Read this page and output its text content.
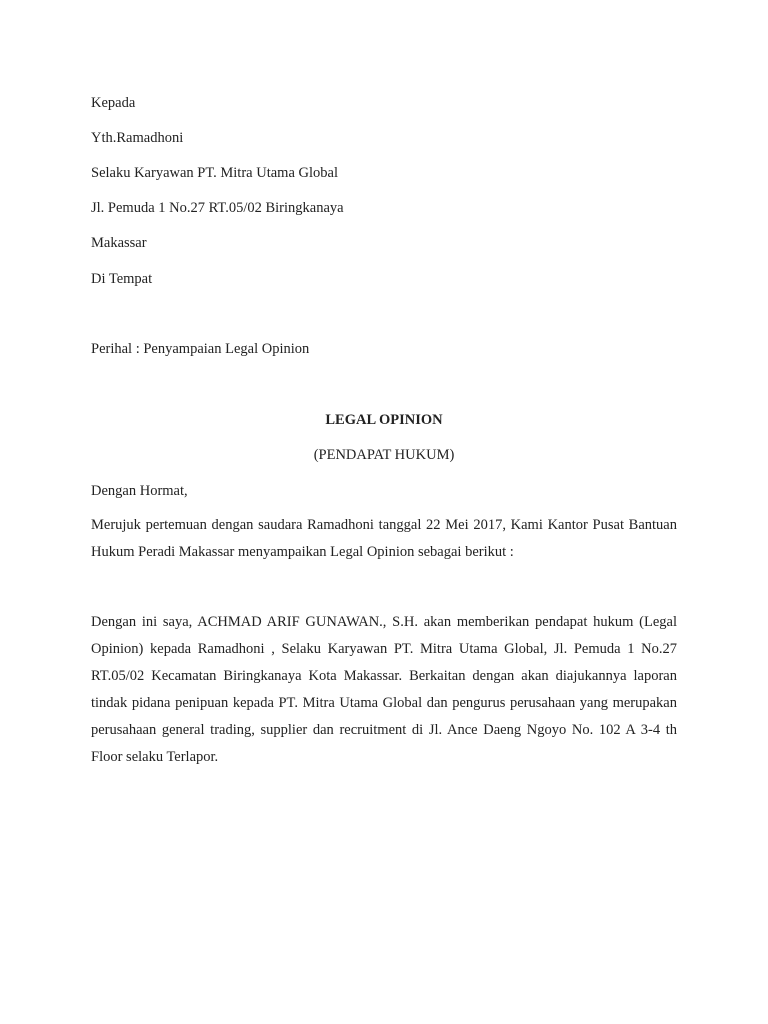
Kepada
Yth.Ramadhoni
Selaku Karyawan PT. Mitra Utama Global
Jl. Pemuda 1 No.27 RT.05/02 Biringkanaya
Makassar
Di Tempat
Perihal : Penyampaian Legal Opinion
LEGAL OPINION
(PENDAPAT HUKUM)
Dengan Hormat,

Merujuk pertemuan dengan saudara Ramadhoni tanggal 22 Mei 2017, Kami Kantor Pusat Bantuan Hukum Peradi Makassar menyampaikan Legal Opinion sebagai berikut :

Dengan ini saya, ACHMAD ARIF GUNAWAN., S.H. akan memberikan pendapat hukum (Legal Opinion) kepada Ramadhoni , Selaku Karyawan PT. Mitra Utama Global, Jl. Pemuda 1 No.27 RT.05/02 Kecamatan Biringkanaya Kota Makassar. Berkaitan dengan akan diajukannya laporan tindak pidana penipuan kepada PT. Mitra Utama Global dan pengurus perusahaan yang merupakan perusahaan general trading, supplier dan recruitment di Jl. Ance Daeng Ngoyo No. 102 A 3-4 th Floor selaku Terlapor.
